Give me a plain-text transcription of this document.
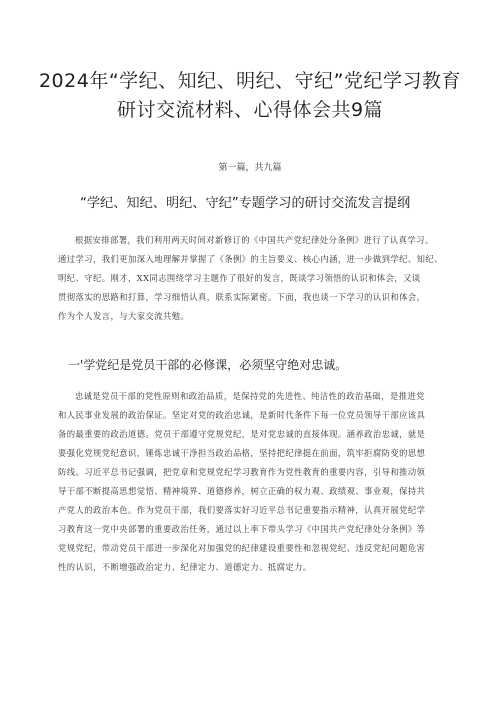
2024年“学纪、知纪、明纪、守纪”党纪学习教育
研讨交流材料、心得体会共9篇
第一篇，共九篇
“学纪、知纪、明纪、守纪”专题学习的研讨交流发言提纲
根据安排部署，我们利用两天时间对新修订的《中国共产党纪律处分条例》进行了认真学习。
通过学习，我们更加深入地理解并掌握了《条例》的主旨要义、核心内涵，进一步做到学纪、知纪、
明纪、守纪。刚才，XX同志围绕学习主题作了很好的发言，既谈学习领悟的认识和体会，又谈
贯彻落实的思路和打算，学习细悟认真，联系实际紧密。下面，我也谈一下学习的认识和体会，
作为个人发言，与大家交流共勉。
一'学党纪是党员干部的必修课，必须坚守绝对忠诚。
忠诚是党员干部的党性原则和政治品质，是保持党的先进性、纯洁性的政治基础，是推进党
和人民事业发展的政治保证。坚定对党的政治忠诚，是新时代条件下每一位党员领导干部应该具
备的最重要的政治道德。党员干部遵守党规党纪，是对党忠诚的直接体现。涵养政治忠诚，就是
要强化党规党纪意识，锤炼忠诚干净担当政治品格，坚持把纪律挺在前面，筑牢拒腐防变的思想
防线。习近平总书记强调，把党章和党规党纪学习教育作为党性教育的重要内容，引导和推动领
导干部不断提高思想觉悟、精神境界、道德修养，树立正确的权力观、政绩观、事业观，保持共
产党人的政治本色。作为党员干部，我们要落实好习近平总书记重要指示精神，认真开展党纪学
习教育这一党中央部署的重要政治任务，通过以上率下带头学习《中国共产党纪律处分条例》等
党规党纪，带动党员干部进一步深化对加强党的纪律建设重要性和忽视党纪、违反党纪问题危害
性的认识，不断增强政治定力、纪律定力、道德定力、抵腐定力。
